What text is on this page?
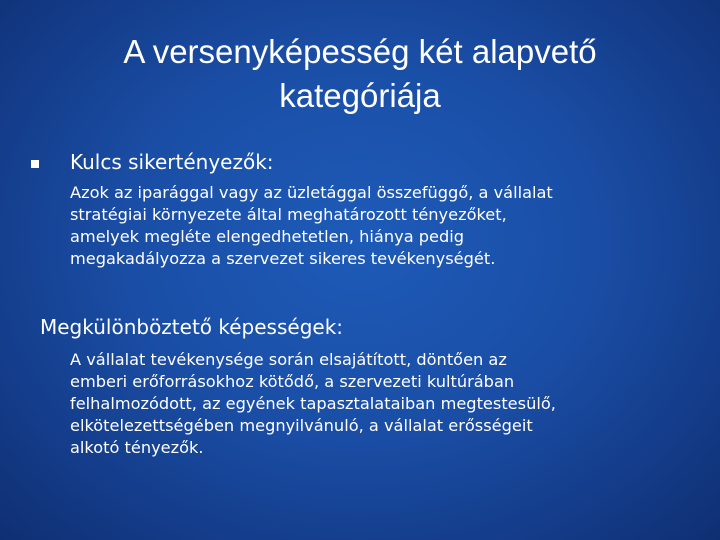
A versenyképesség két alapvető
kategóriája
Kulcs sikertényezők:
Azok az iparággal vagy az üzletággal összefüggő, a vállalat
stratégiai környezete által meghatározott tényezőket,
amelyek megléte elengedhetetlen, hiánya pedig
megakadályozza a szervezet sikeres tevékenységét.
Megkülönböztető képességek:
A vállalat tevékenysége során elsajátított, döntően az
emberi erőforrásokhoz kötődő, a szervezeti kultúrában
felhalmozódott, az egyének tapasztalataiban megtestesülő,
elkötelezettségében megnyilvánuló, a vállalat erősségeit
alkotó tényezők.
